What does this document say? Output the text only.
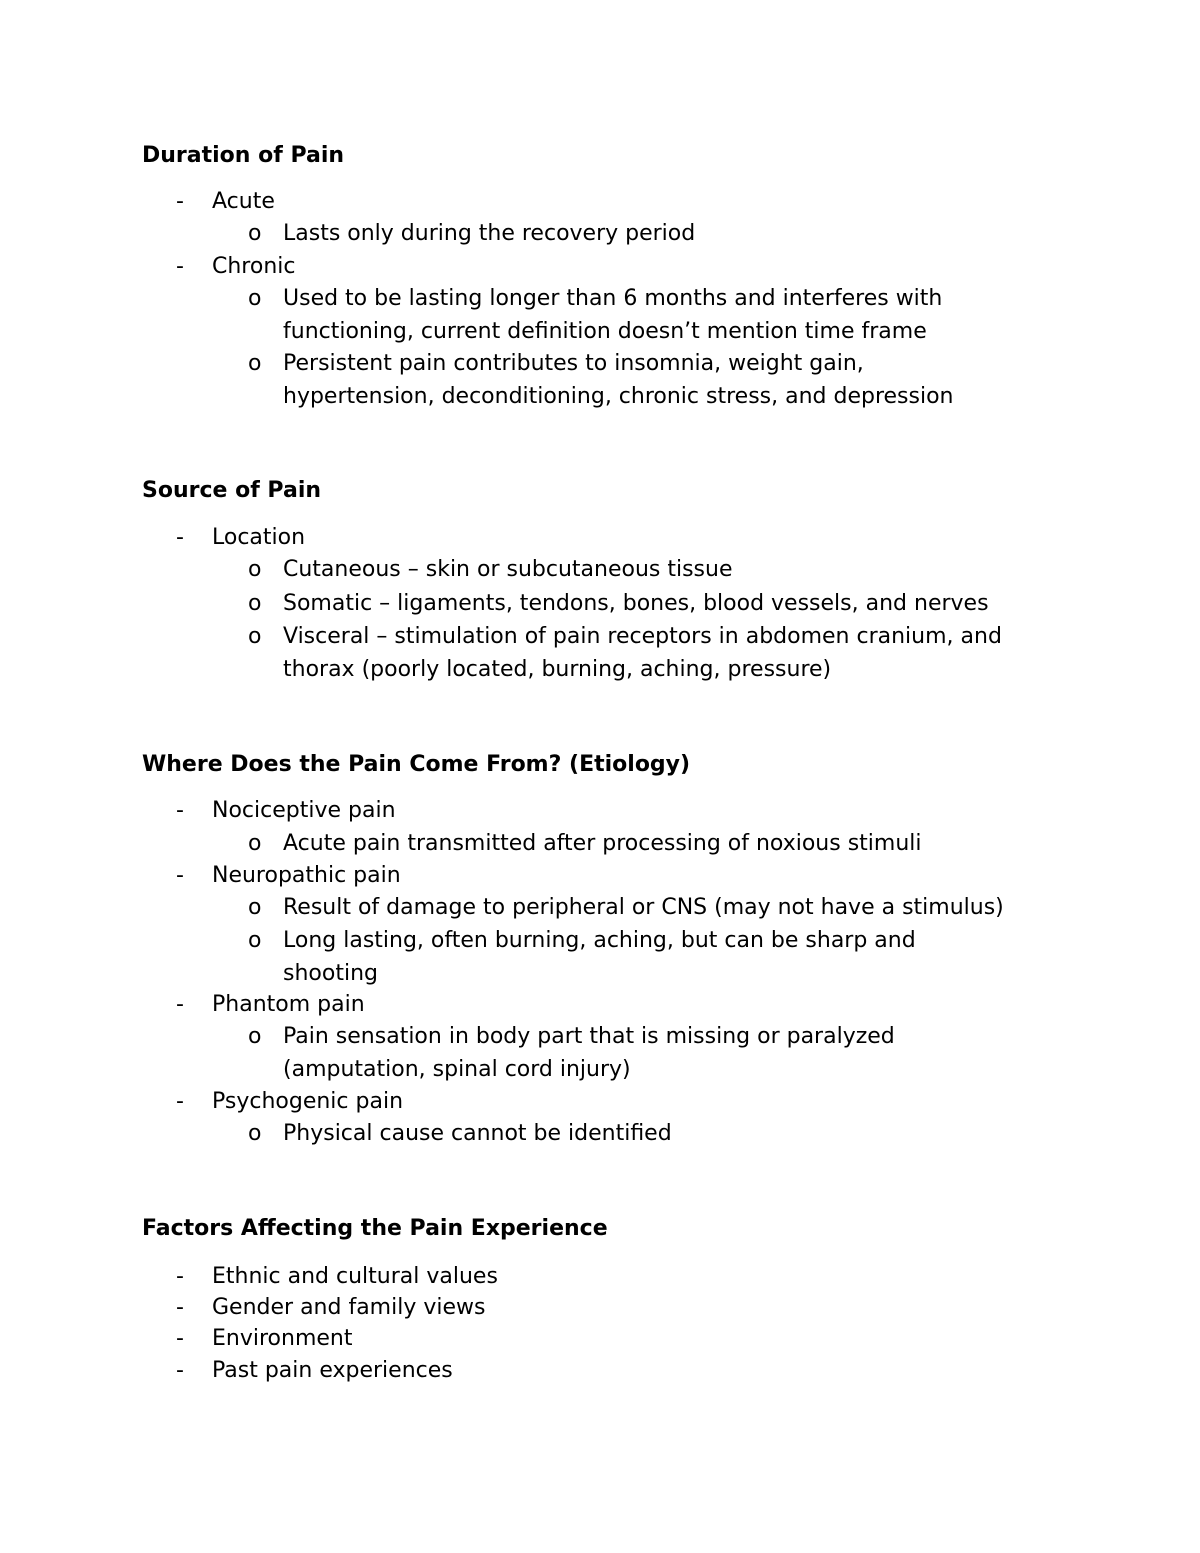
Duration of Pain
- Acute
o Lasts only during the recovery period
- Chronic
o Used to be lasting longer than 6 months and interferes with functioning, current definition doesn’t mention time frame
o Persistent pain contributes to insomnia, weight gain, hypertension, deconditioning, chronic stress, and depression
Source of Pain
- Location
o Cutaneous – skin or subcutaneous tissue
o Somatic – ligaments, tendons, bones, blood vessels, and nerves
o Visceral – stimulation of pain receptors in abdomen cranium, and thorax (poorly located, burning, aching, pressure)
Where Does the Pain Come From? (Etiology)
- Nociceptive pain
o Acute pain transmitted after processing of noxious stimuli
- Neuropathic pain
o Result of damage to peripheral or CNS (may not have a stimulus)
o Long lasting, often burning, aching, but can be sharp and shooting
- Phantom pain
o Pain sensation in body part that is missing or paralyzed (amputation, spinal cord injury)
- Psychogenic pain
o Physical cause cannot be identified
Factors Affecting the Pain Experience
- Ethnic and cultural values
- Gender and family views
- Environment
- Past pain experiences
